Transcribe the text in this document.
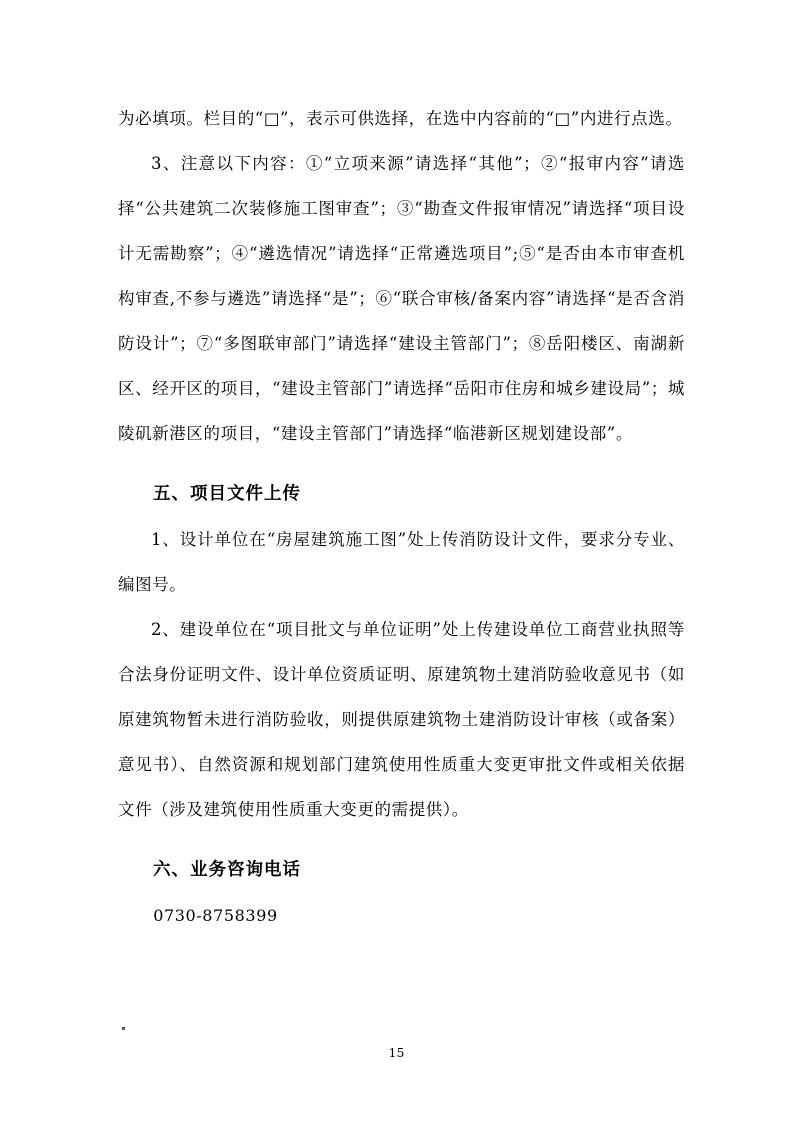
为必填项。栏目的“□”，表示可供选择，在选中内容前的“□”内进行点选。

3、注意以下内容：①“立项来源”请选择“其他”；②“报审内容”请选择“公共建筑二次装修施工图审查”；③“勘查文件报审情况”请选择“项目设计无需勘察”；④“遴选情况”请选择“正常遴选项目”;⑤“是否由本市审查机构审查,不参与遴选”请选择“是”；⑥“联合审核/备案内容”请选择“是否含消防设计”；⑦“多图联审部门”请选择“建设主管部门”；⑧岳阳楼区、南湖新区、经开区的项目，“建设主管部门”请选择“岳阳市住房和城乡建设局”；城陵矶新港区的项目，“建设主管部门”请选择“临港新区规划建设部”。

五、项目文件上传

1、设计单位在“房屋建筑施工图”处上传消防设计文件，要求分专业、编图号。

2、建设单位在“项目批文与单位证明”处上传建设单位工商营业执照等合法身份证明文件、设计单位资质证明、原建筑物土建消防验收意见书（如原建筑物暂未进行消防验收，则提供原建筑物土建消防设计审核（或备案）意见书）、自然资源和规划部门建筑使用性质重大变更审批文件或相关依据文件（涉及建筑使用性质重大变更的需提供）。

六、业务咨询电话

0730-8758399

15
